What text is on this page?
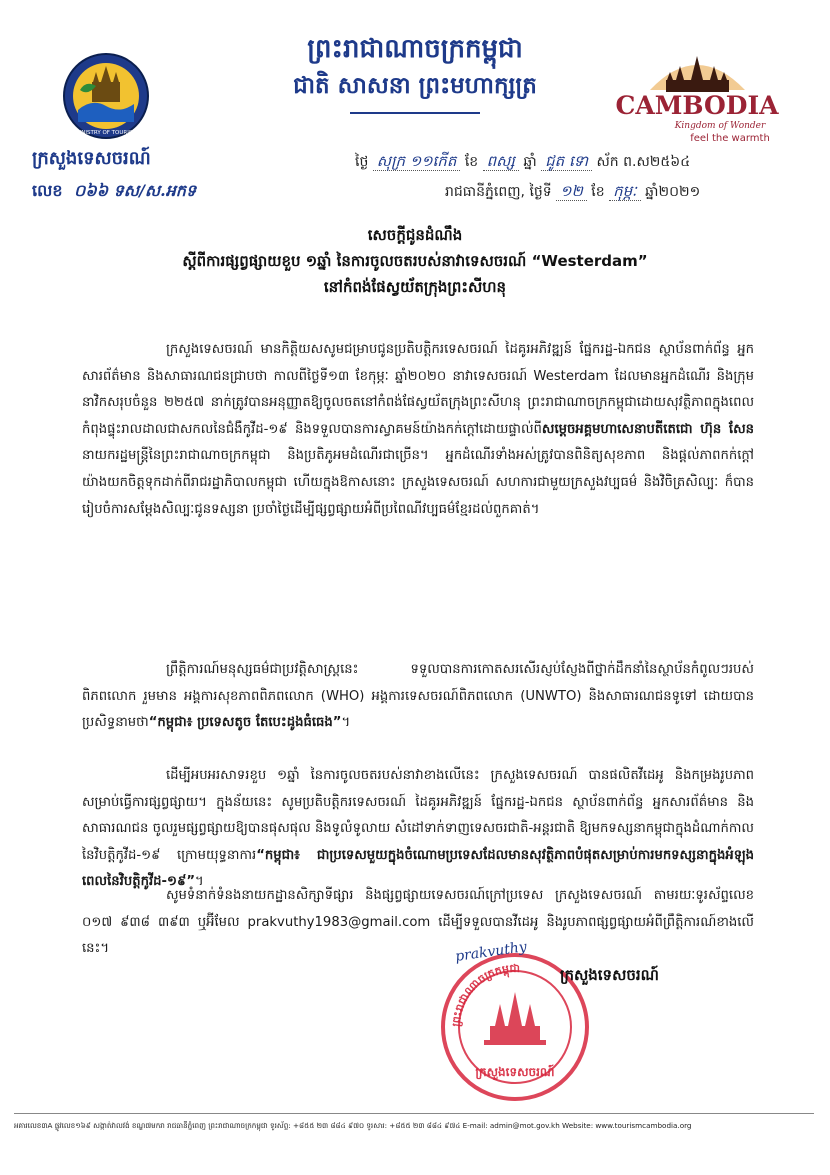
ព្រះរាជាណាចក្រកម្ពុជា
ជាតិ សាសនា ព្រះមហាក្សត្រ
MINISTRY OF TOURISM
CAMBODIA
Kingdom of Wonder
feel the warmth
ក្រសួងទេសចរណ៍
លេខ ០៦៦ ទស/ស.អកទ
ថ្ងៃ សុក្រ ១១កើត ខែ ពស្ស ឆ្នាំ ជូត ទោ ស័ក ព.ស២៥៦៤
រាជធានីភ្នំពេញ, ថ្ងៃទី ១២ ខែ កុម្ភៈ ឆ្នាំ២០២១
សេចក្តីជូនដំណឹង
ស្តីពីការផ្សព្វផ្សាយខួប ១ឆ្នាំ នៃការចូលចតរបស់នាវាទេសចរណ៍ “Westerdam”
នៅកំពង់ផែស្វយ័តក្រុងព្រះសីហនុ
ក្រសួងទេសចរណ៍ មានកិត្តិយសសូមជម្រាបជូនប្រតិបត្តិករទេសចរណ៍ ដៃគូរអភិវឌ្ឍន៍ ផ្នែករដ្ឋ-ឯកជន ស្ថាប័នពាក់ព័ន្ធ អ្នកសារព័ត៌មាន និងសាធារណជនជ្រាបថា កាលពីថ្ងៃទី១៣ ខែកុម្ភៈ ឆ្នាំ២០២០ នាវាទេសចរណ៍ Westerdam ដែលមានអ្នកដំណើរ និងក្រុមនាវិកសរុបចំនួន ២២៥៧ នាក់ត្រូវបានអនុញ្ញាតឱ្យចូលចតនៅកំពង់ផែស្វយ័តក្រុងព្រះសីហនុ ព្រះរាជាណាចក្រកម្ពុជាដោយសុវត្ថិភាពក្នុងពេលកំពុងផ្ទុះរាលដាលជាសកលនៃជំងឺកូវីដ-១៩ និងទទួលបានការស្វាគមន៍យ៉ាងកក់ក្តៅដោយផ្ទាល់ពីសម្តេចអគ្គមហាសេនាបតីតេជោ ហ៊ុន សែន នាយករដ្ឋមន្ត្រីនៃព្រះរាជាណាចក្រកម្ពុជា និងប្រតិភូអមដំណើរជាច្រើន។ អ្នកដំណើរទាំងអស់ត្រូវបានពិនិត្យសុខភាព និងផ្តល់ភាពកក់ក្តៅយ៉ាងយកចិត្តទុកដាក់ពីរាជរដ្ឋាភិបាលកម្ពុជា ហើយក្នុងឱកាសនោះ ក្រសួងទេសចរណ៍ សហការជាមួយក្រសួងវប្បធម៌ និងវិចិត្រសិល្បៈ ក៏បានរៀបចំការសម្តែងសិល្បៈជូនទស្សនា ប្រចាំថ្ងៃដើម្បីផ្សព្វផ្សាយអំពីប្រពៃណីវប្បធម៌ខ្មែរដល់ពួកគាត់។
ព្រឹត្តិការណ៍មនុស្សធម៌ជាប្រវត្តិសាស្ត្រនេះ ទទួលបានការកោតសរសើរស្ញប់ស្ញែងពីថ្នាក់ដឹកនាំនៃស្ថាប័នកំពូលៗរបស់ពិភពលោក រួមមាន អង្គការសុខភាពពិភពលោក (WHO) អង្គការទេសចរណ៍ពិភពលោក (UNWTO) និងសាធារណជនទូទៅ ដោយបានប្រសិទ្ធនាមថា“កម្ពុជា៖ ប្រទេសតូច តែបេះដូងធំធេង”។
ដើម្បីអបអរសាទរខួប ១ឆ្នាំ នៃការចូលចតរបស់នាវាខាងលើនេះ ក្រសួងទេសចរណ៍ បានផលិតវីដេអូ និងកម្រងរូបភាពសម្រាប់ធ្វើការផ្សព្វផ្សាយ។ ក្នុងន័យនេះ សូមប្រតិបត្តិករទេសចរណ៍ ដៃគូរអភិវឌ្ឍន៍ ផ្នែករដ្ឋ-ឯកជន ស្ថាប័នពាក់ព័ន្ធ អ្នកសារព័ត៌មាន និងសាធារណជន ចូលរួមផ្សព្វផ្សាយឱ្យបានផុសផុល និងទូលំទូលាយ សំដៅទាក់ទាញទេសចរជាតិ-អន្តរជាតិ ឱ្យមកទស្សនាកម្ពុជាក្នុងដំណាក់កាលនៃវិបត្តិកូវីដ-១៩ ក្រោមយុទ្ធនាការ“កម្ពុជា៖ ជាប្រទេសមួយក្នុងចំណោមប្រទេសដែលមានសុវត្ថិភាពបំផុតសម្រាប់ការមកទស្សនាក្នុងអំឡុងពេលនៃវិបត្តិកូវីដ-១៩”។
សូមទំនាក់ទំនងនាយកដ្ឋានសិក្សាទីផ្សារ និងផ្សព្វផ្សាយទេសចរណ៍ក្រៅប្រទេស ក្រសួងទេសចរណ៍ តាមរយៈទូរស័ព្ទលេខ ០១៧ ៩៣៨ ៣៩៣ ឬអ៊ីមែល prakvuthy1983@gmail.com ដើម្បីទទួលបានវីដេអូ និងរូបភាពផ្សព្វផ្សាយអំពីព្រឹត្តិការណ៍ខាងលើនេះ។
ព្រះរាជាណាចក្រកម្ពុជា
ក្រសួងទេសចរណ៍
prakvuthy
ក្រសួងទេសចរណ៍
អគារលេខ៣A ផ្លូវលេខ១៦៩ សង្កាត់វាលវង់ ខណ្ឌ៧មករា រាជធានីភ្នំពេញ ព្រះរាជាណាចក្រកម្ពុជា ទូរស័ព្ទ: +៨៥៥ ២៣ ៨៨៤ ៩៧០ ទូរសារ: +៨៥៥ ២៣ ៨៨៤ ៩៧៤ E-mail: admin@mot.gov.kh Website: www.tourismcambodia.org
